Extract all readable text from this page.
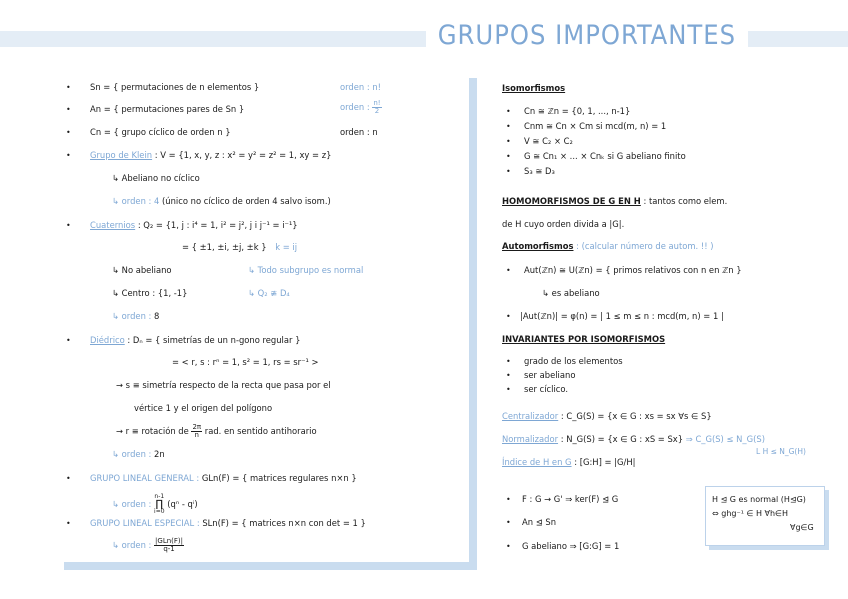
GRUPOS IMPORTANTES
• Sn = { permutaciones de n elementos }	orden : n!
• An = { permutaciones pares de Sn }	orden : $\frac{n!}{2}$
• Cn = { grupo cíclico de orden n }	orden : n
• Grupo de Klein : V = {1, x, y, z : x² = y² = z² = 1, xy = z}
↳ Abeliano no cíclico
↳ orden : 4 (único no cíclico de orden 4 salvo isom.)
• Cuaternios : Q₂ = {1, j : i⁴ = 1, i² = j², j i j⁻¹ = i⁻¹}
= { ±1, ±i, ±j, ±k } k = ij
↳ No abeliano	↳ Todo subgrupo es normal
↳ Centro : {1, -1}	↳ Q₂ ≇ D₄
↳ orden : 8
• Diédrico : Dₙ = { simetrías de un n-gono regular }
= < r, s : rⁿ = 1, s² = 1, rs = sr⁻¹ >
→ s ≡ simetría respecto de la recta que pasa por el
vértice 1 y el origen del polígono
→ r ≡ rotación de $\frac{2\pi}{n}$ rad. en sentido antihorario
↳ orden : 2n
• GRUPO LINEAL GENERAL : GLn(F) = { matrices regulares n×n }
↳ orden :
n-1
∏
i=0
(qⁿ - qⁱ)
• GRUPO LINEAL ESPECIAL : SLn(F) = { matrices n×n con det = 1 }
↳ orden : $\frac{\text{|GLn(F)|}}{q-1}$
Isomorfismos
• Cn ≅ ℤn = {0, 1, ..., n-1}
• Cnm ≅ Cn × Cm si mcd(m, n) = 1
• V ≅ C₂ × C₂
• G ≅ Cn₁ × ... × Cnₖ si G abeliano finito
• S₃ ≅ D₃
HOMOMORFISMOS DE G EN H : tantos como elem.
de H cuyo orden divida a |G|.
Automorfismos : (calcular número de autom. !! )
• Aut(ℤn) ≅ U(ℤn) = { primos relativos con n en ℤn }
↳ es abeliano
• |Aut(ℤn)| = φ(n) = | 1 ≤ m ≤ n : mcd(m, n) = 1 |
INVARIANTES POR ISOMORFISMOS
• grado de los elementos
• ser abeliano
• ser cíclico.
Centralizador : C_G(S) = {x ∈ G : xs = sx ∀s ∈ S}
Normalizador : N_G(S) = {x ∈ G : xS = Sx} ⇒ C_G(S) ≤ N_G(S)
L H ≤ N_G(H)
Índice de H en G : [G:H] = |G/H|
• F : G → G' ⇒ ker(F) ⊴ G
• An ⊴ Sn
• G abeliano ⇒ [G:G] = 1
H ⊴ G es normal (H⊴G)
⇔ ghg⁻¹ ∈ H ∀h∈H
∀g∈G
